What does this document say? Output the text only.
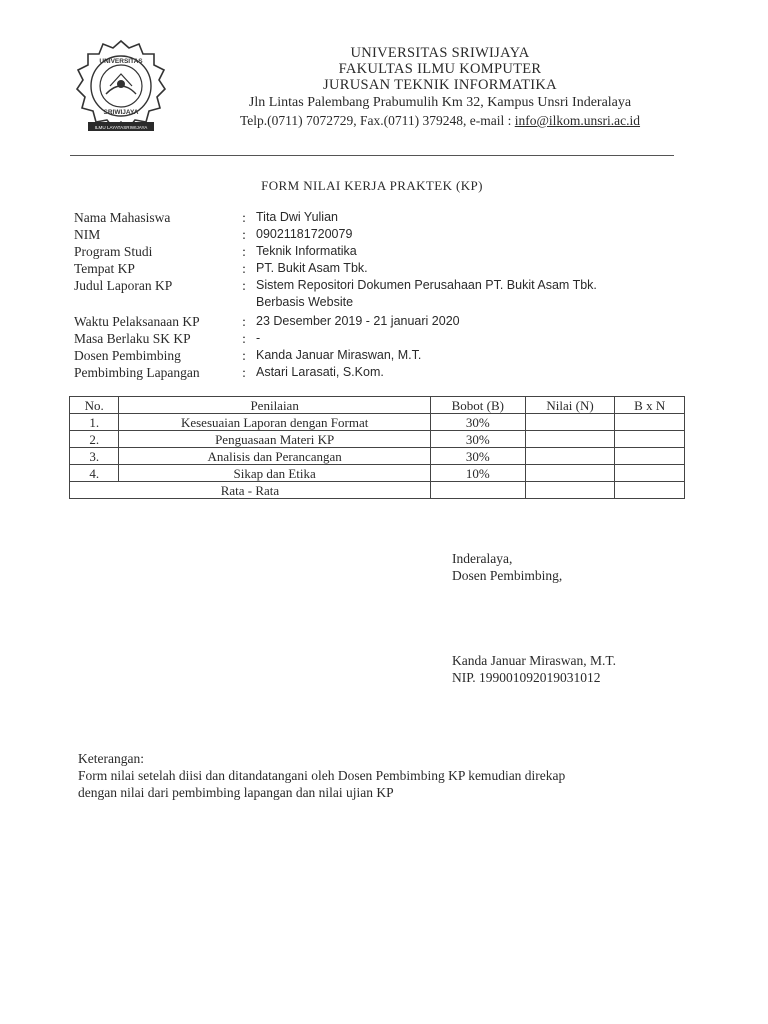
UNIVERSITAS
SRIWIJAYA
ILMU LAYATASRIWIJAYA
UNIVERSITAS SRIWIJAYA
FAKULTAS ILMU KOMPUTER
JURUSAN TEKNIK INFORMATIKA
Jln Lintas Palembang Prabumulih Km 32, Kampus Unsri Inderalaya
Telp.(0711) 7072729, Fax.(0711) 379248, e-mail : info@ilkom.unsri.ac.id
FORM NILAI KERJA PRAKTEK (KP)
Nama Mahasiswa	: Tita Dwi Yulian
NIM	: 09021181720079
Program Studi	: Teknik Informatika
Tempat KP	: PT. Bukit Asam Tbk.
Judul Laporan KP	: Sistem Repositori Dokumen Perusahaan PT. Bukit Asam Tbk.
Berbasis Website
Waktu Pelaksanaan KP	: 23 Desember 2019 - 21 januari 2020
Masa Berlaku SK KP	: -
Dosen Pembimbing	: Kanda Januar Miraswan, M.T.
Pembimbing Lapangan	: Astari Larasati, S.Kom.
No.	Penilaian	Bobot (B)	Nilai (N)	B x N
1.	Kesesuaian Laporan dengan Format	30%		
2.	Penguasaan Materi KP	30%		
3.	Analisis dan Perancangan	30%		
4.	Sikap dan Etika	10%		
Rata - Rata				
Inderalaya,
Dosen Pembimbing,
Kanda Januar Miraswan, M.T.
NIP. 199001092019031012
Keterangan:
Form nilai setelah diisi dan ditandatangani oleh Dosen Pembimbing KP kemudian direkap
dengan nilai dari pembimbing lapangan dan nilai ujian KP
